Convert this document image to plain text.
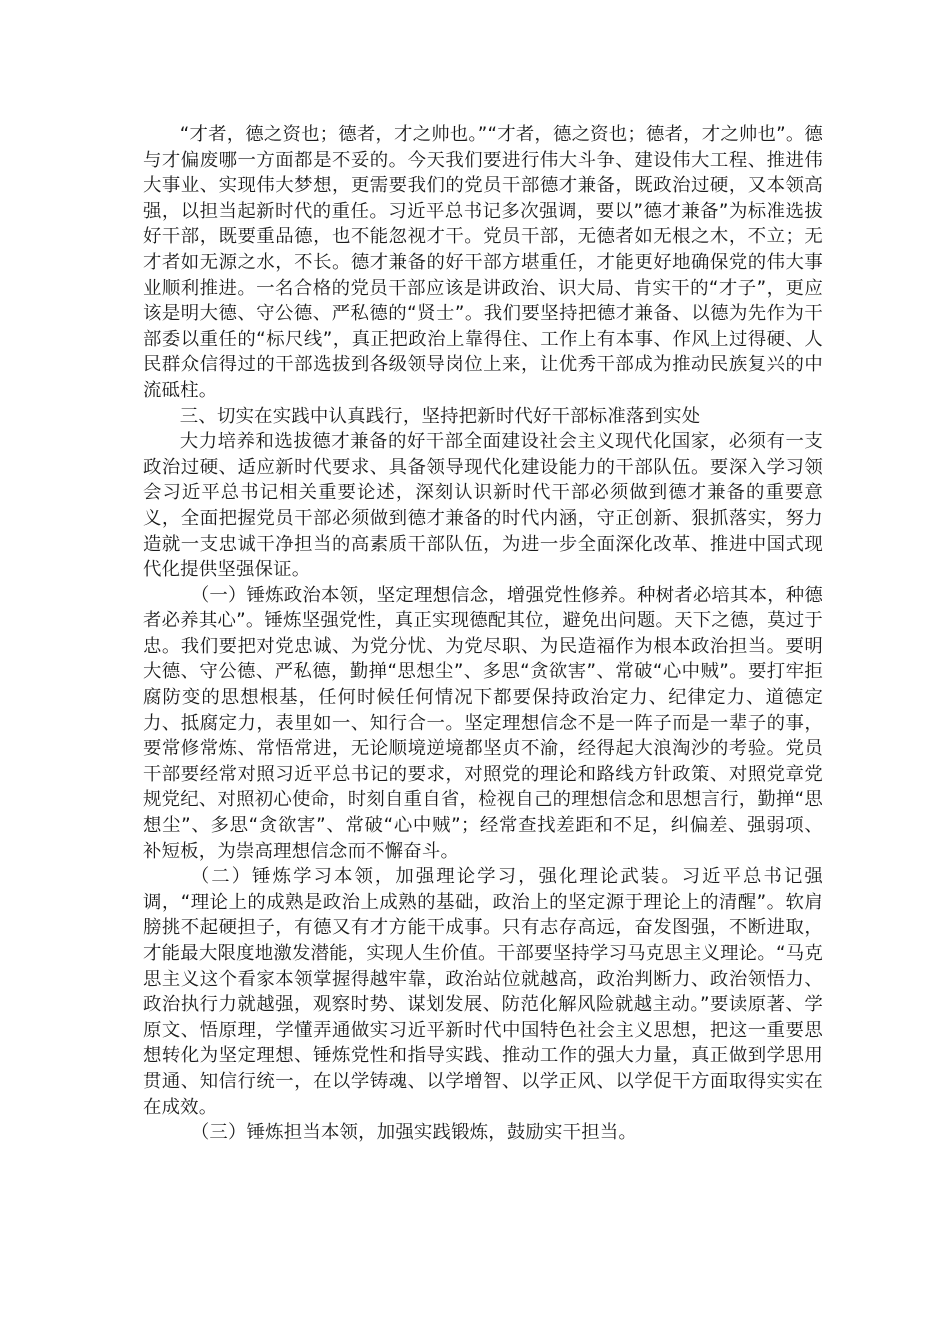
“才者，德之资也；德者，才之帅也。”“才者，德之资也；德者，才之帅也”。德与才偏废哪一方面都是不妥的。今天我们要进行伟大斗争、建设伟大工程、推进伟大事业、实现伟大梦想，更需要我们的党员干部德才兼备，既政治过硬，又本领高强，以担当起新时代的重任。习近平总书记多次强调，要以”德才兼备”为标准选拔好干部，既要重品德，也不能忽视才干。党员干部，无德者如无根之木，不立；无才者如无源之水，不长。德才兼备的好干部方堪重任，才能更好地确保党的伟大事业顺利推进。一名合格的党员干部应该是讲政治、识大局、肯实干的“才子”，更应该是明大德、守公德、严私德的“贤士”。我们要坚持把德才兼备、以德为先作为干部委以重任的“标尺线”，真正把政治上靠得住、工作上有本事、作风上过得硬、人民群众信得过的干部选拔到各级领导岗位上来，让优秀干部成为推动民族复兴的中流砥柱。

三、切实在实践中认真践行，坚持把新时代好干部标准落到实处

大力培养和选拔德才兼备的好干部全面建设社会主义现代化国家，必须有一支政治过硬、适应新时代要求、具备领导现代化建设能力的干部队伍。要深入学习领会习近平总书记相关重要论述，深刻认识新时代干部必须做到德才兼备的重要意义，全面把握党员干部必须做到德才兼备的时代内涵，守正创新、狠抓落实，努力造就一支忠诚干净担当的高素质干部队伍，为进一步全面深化改革、推进中国式现代化提供坚强保证。

（一）锤炼政治本领，坚定理想信念，增强党性修养。种树者必培其本，种德者必养其心”。锤炼坚强党性，真正实现德配其位，避免出问题。天下之德，莫过于忠。我们要把对党忠诚、为党分忧、为党尽职、为民造福作为根本政治担当。要明大德、守公德、严私德，勤掸“思想尘”、多思“贪欲害”、常破“心中贼”。要打牢拒腐防变的思想根基，任何时候任何情况下都要保持政治定力、纪律定力、道德定力、抵腐定力，表里如一、知行合一。坚定理想信念不是一阵子而是一辈子的事，要常修常炼、常悟常进，无论顺境逆境都坚贞不渝，经得起大浪淘沙的考验。党员干部要经常对照习近平总书记的要求，对照党的理论和路线方针政策、对照党章党规党纪、对照初心使命，时刻自重自省，检视自己的理想信念和思想言行，勤掸“思想尘”、多思“贪欲害”、常破“心中贼”；经常查找差距和不足，纠偏差、强弱项、补短板，为崇高理想信念而不懈奋斗。

（二）锤炼学习本领，加强理论学习，强化理论武装。习近平总书记强调，“理论上的成熟是政治上成熟的基础，政治上的坚定源于理论上的清醒”。软肩膀挑不起硬担子，有德又有才方能干成事。只有志存高远，奋发图强，不断进取，才能最大限度地激发潜能，实现人生价值。干部要坚持学习马克思主义理论。“马克思主义这个看家本领掌握得越牢靠，政治站位就越高，政治判断力、政治领悟力、政治执行力就越强，观察时势、谋划发展、防范化解风险就越主动。”要读原著、学原文、悟原理，学懂弄通做实习近平新时代中国特色社会主义思想，把这一重要思想转化为坚定理想、锤炼党性和指导实践、推动工作的强大力量，真正做到学思用贯通、知信行统一，在以学铸魂、以学增智、以学正风、以学促干方面取得实实在在成效。

（三）锤炼担当本领，加强实践锻炼，鼓励实干担当。
